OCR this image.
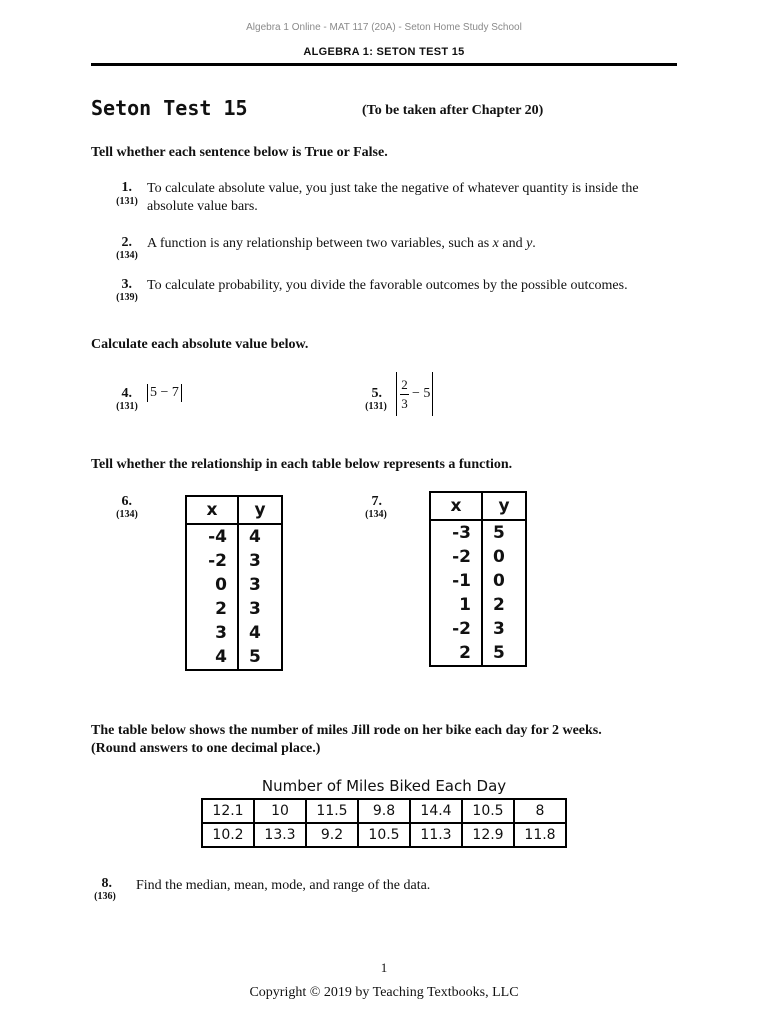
Algebra 1 Online - MAT 117 (20A) - Seton Home Study School
ALGEBRA 1: SETON TEST 15
Seton Test 15	(To be taken after Chapter 20)
Tell whether each sentence below is True or False.
1.
(131)
To calculate absolute value, you just take the negative of whatever quantity is inside the
absolute value bars.
2.
(134)
A function is any relationship between two variables, such as x and y.
3.
(139)
To calculate probability, you divide the favorable outcomes by the possible outcomes.
Calculate each absolute value below.
4.
(131)
5 − 7	5.
(131)
2
3
− 5
Tell whether the relationship in each table below represents a function.
6.
(134)	x	y
-4	4
-2	3
0	3
2	3
3	4
4	5
7.
(134)	x	y
-3	5
-2	0
-1	0
1	2
-2	3
2	5
The table below shows the number of miles Jill rode on her bike each day for 2 weeks.
(Round answers to one decimal place.)
Number of Miles Biked Each Day
12.1	10	11.5	9.8	14.4	10.5	8
10.2	13.3	9.2	10.5	11.3	12.9	11.8
8.
(136)
Find the median, mean, mode, and range of the data.
1
Copyright © 2019 by Teaching Textbooks, LLC
